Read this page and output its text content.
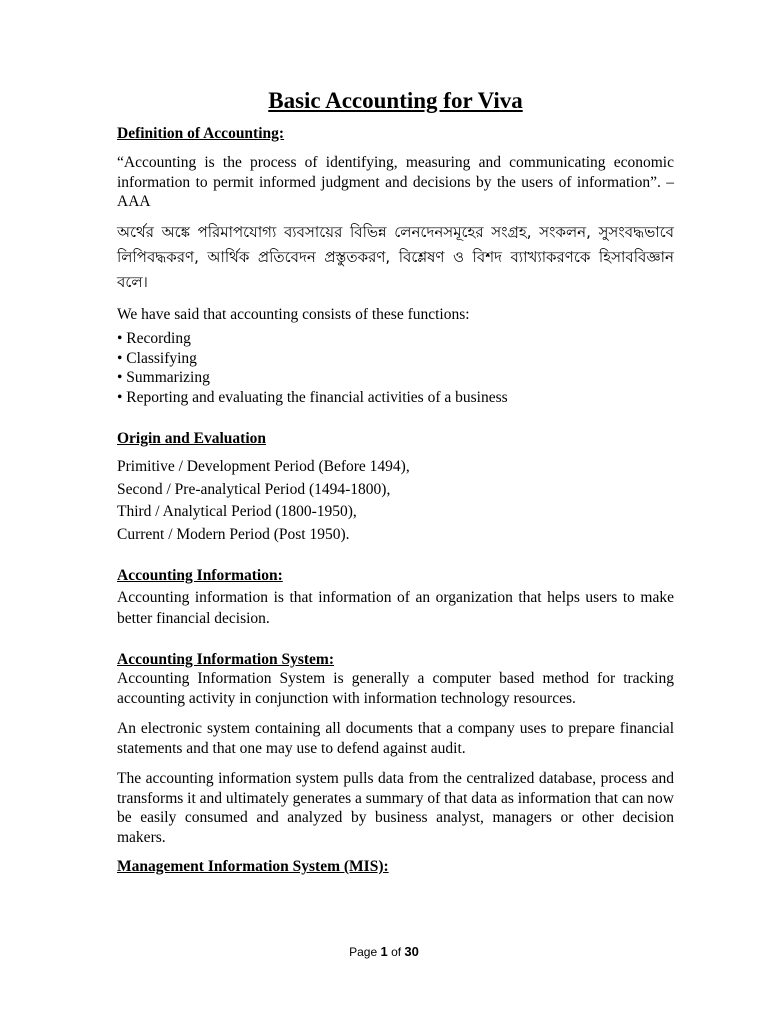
Basic Accounting for Viva
Definition of Accounting:

“Accounting is the process of identifying, measuring and communicating economic information to permit informed judgment and decisions by the users of information”. – AAA

অর্থের অঙ্কে পরিমাপযোগ্য ব্যবসায়ের বিভিন্ন লেনদেনসমূহের সংগ্রহ, সংকলন, সুসংবদ্ধভাবে লিপিবদ্ধকরণ, আর্থিক প্রতিবেদন প্রস্তুতকরণ, বিশ্লেষণ ও বিশদ ব্যাখ্যাকরণকে হিসাববিজ্ঞান বলে।

We have said that accounting consists of these functions:

• Recording
• Classifying
• Summarizing
• Reporting and evaluating the financial activities of a business
Origin and Evaluation
Primitive / Development Period (Before 1494),
Second / Pre-analytical Period (1494-1800),
Third / Analytical Period (1800-1950),
Current / Modern Period (Post 1950).
Accounting Information:

Accounting information is that information of an organization that helps users to make better financial decision.

Accounting Information System:

Accounting Information System is generally a computer based method for tracking accounting activity in conjunction with information technology resources.

An electronic system containing all documents that a company uses to prepare financial statements and that one may use to defend against audit.

The accounting information system pulls data from the centralized database, process and transforms it and ultimately generates a summary of that data as information that can now be easily consumed and analyzed by business analyst, managers or other decision makers.

Management Information System (MIS):
Page 1 of 30
